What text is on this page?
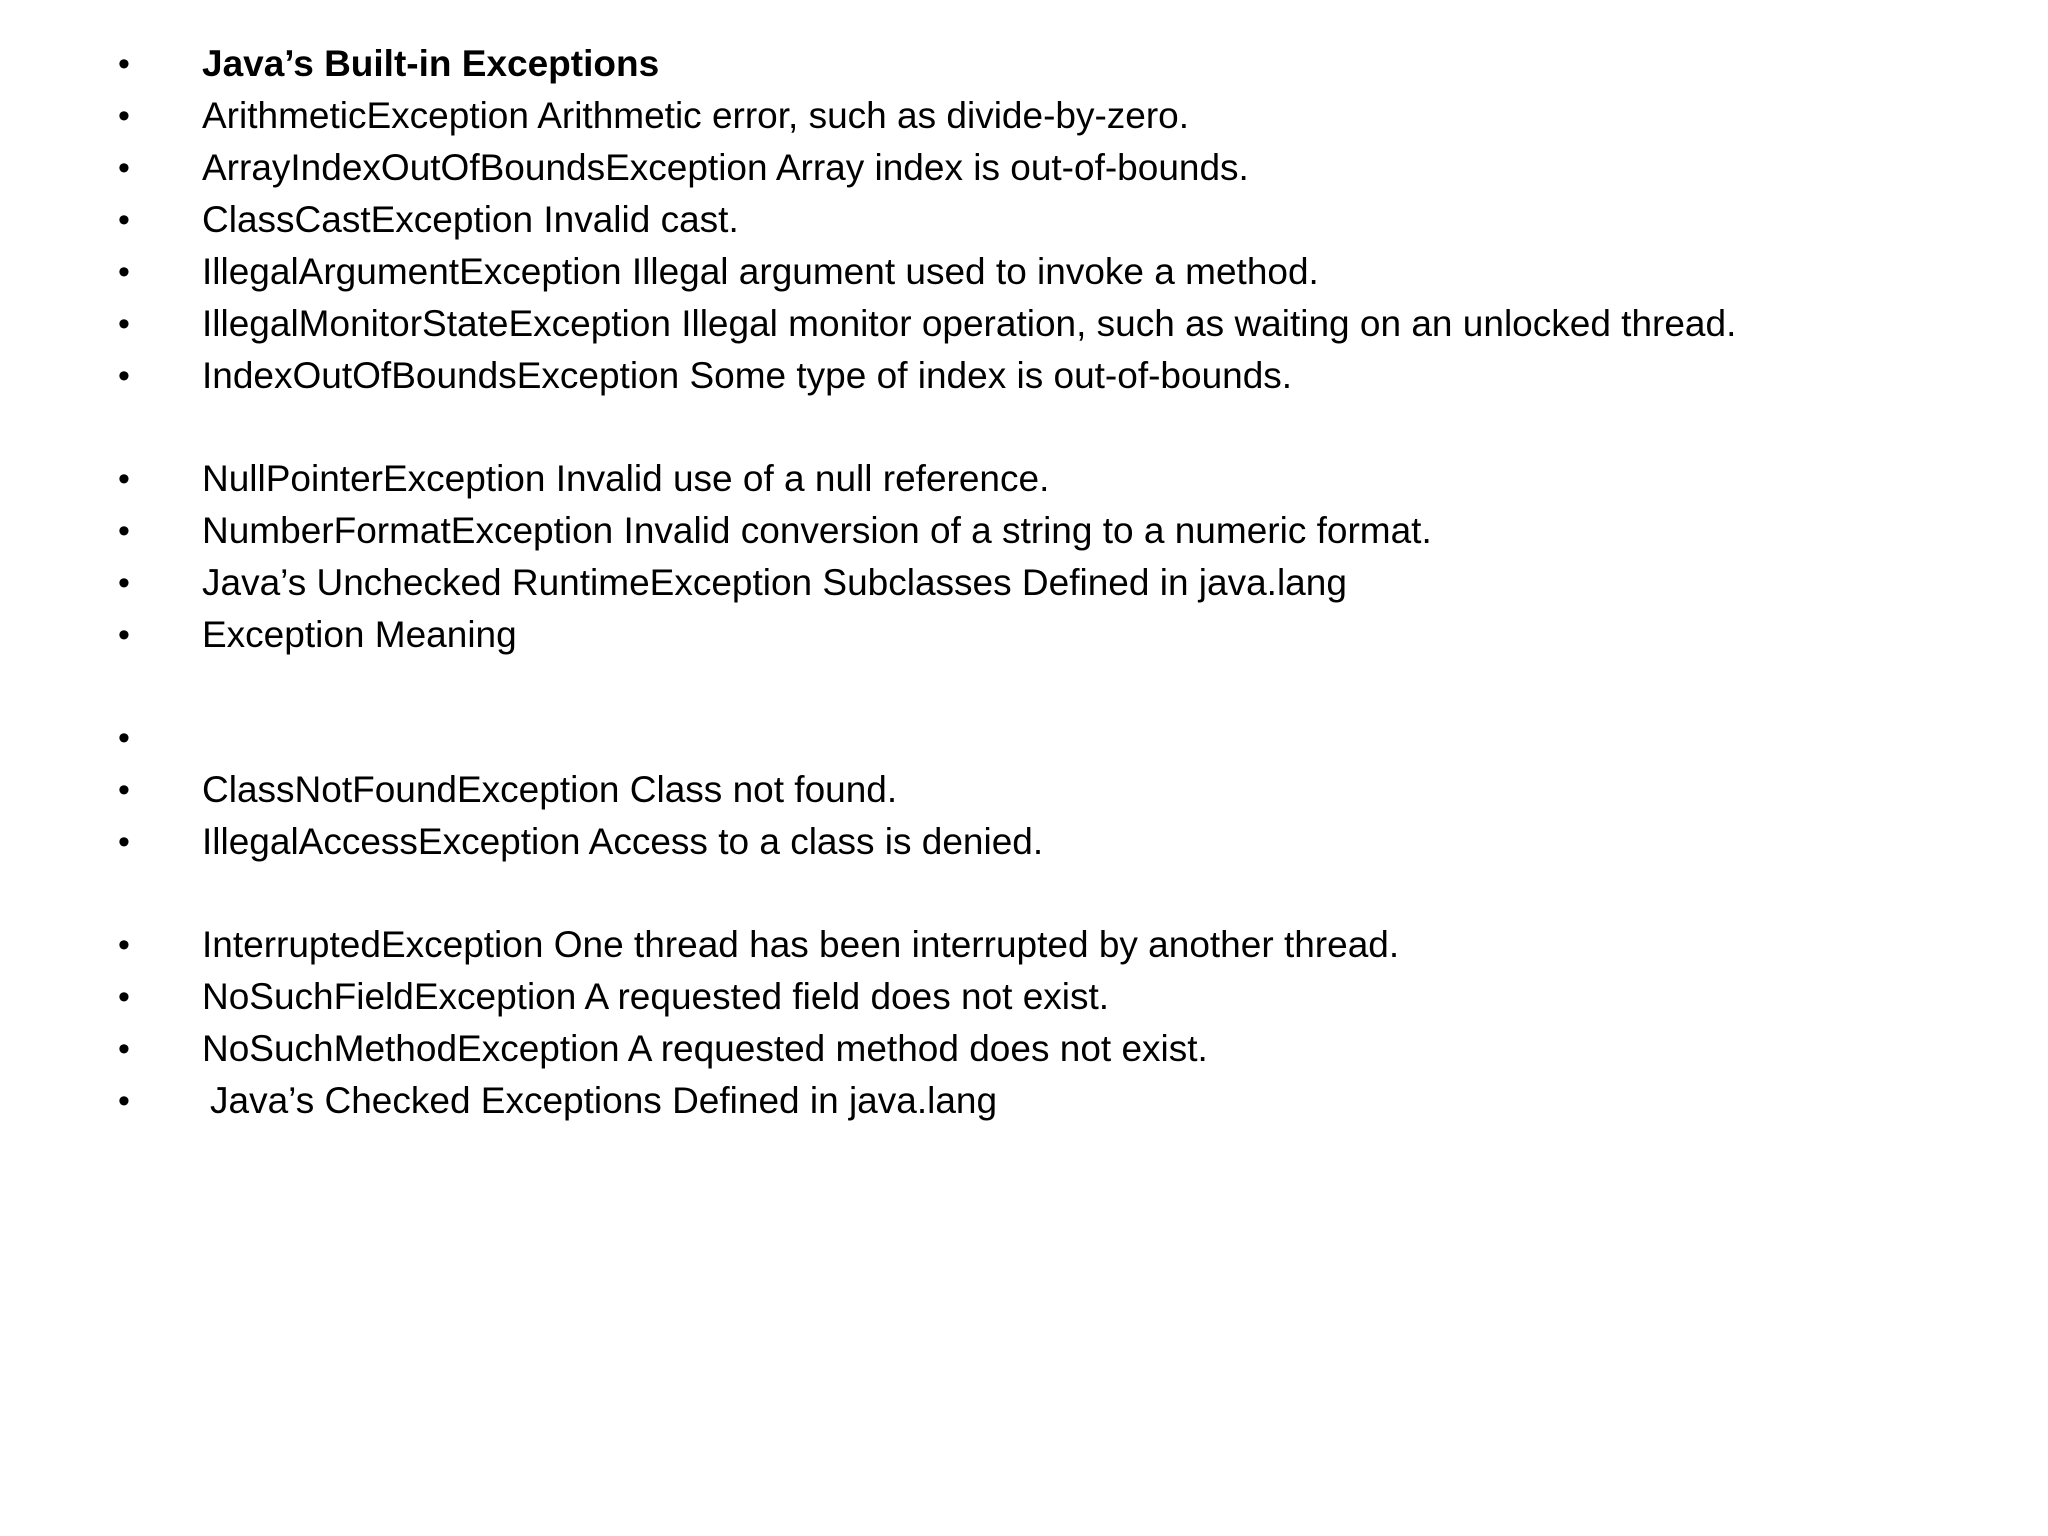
•	Java’s Built-in Exceptions
•	ArithmeticException Arithmetic error, such as divide-by-zero.
•	ArrayIndexOutOfBoundsException Array index is out-of-bounds.
•	ClassCastException Invalid cast.
•	IllegalArgumentException Illegal argument used to invoke a method.
•	IllegalMonitorStateException Illegal monitor operation, such as waiting on an unlocked thread.
•	IndexOutOfBoundsException Some type of index is out-of-bounds.
•	NullPointerException Invalid use of a null reference.
•	NumberFormatException Invalid conversion of a string to a numeric format.
•	Java’s Unchecked RuntimeException Subclasses Defined in java.lang
•	Exception Meaning
•
•	ClassNotFoundException Class not found.
•	IllegalAccessException Access to a class is denied.
•	InterruptedException One thread has been interrupted by another thread.
•	NoSuchFieldException A requested field does not exist.
•	NoSuchMethodException A requested method does not exist.
•	Java’s Checked Exceptions Defined in java.lang
